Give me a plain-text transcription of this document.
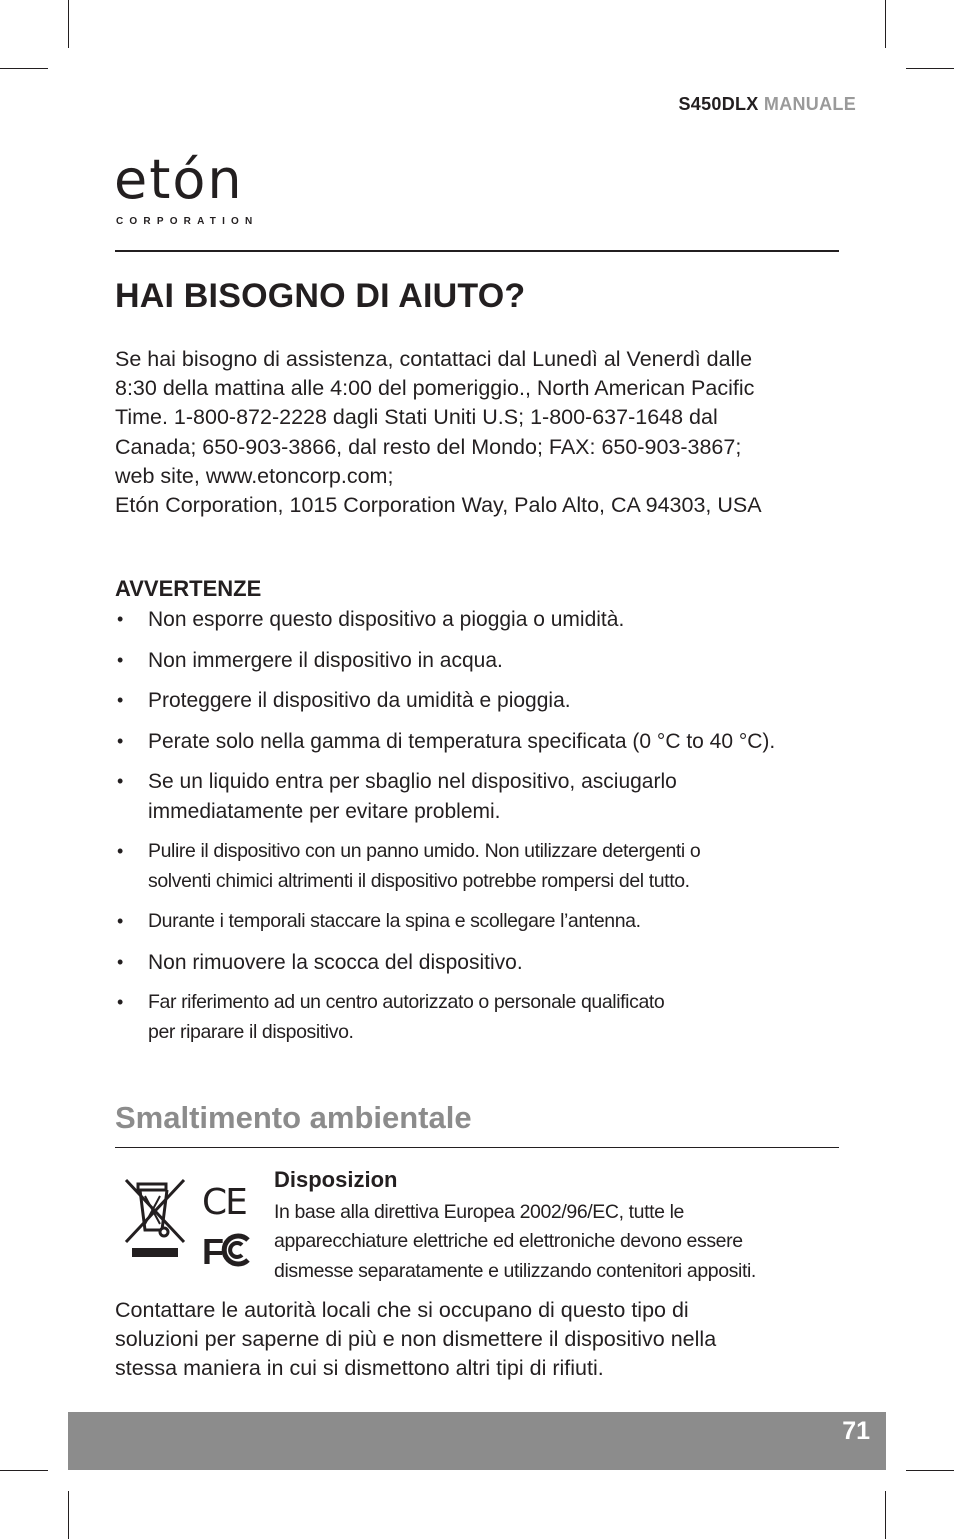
S450DLX MANUALE
etón
CORPORATION
HAI BISOGNO DI AIUTO?

Se hai bisogno di assistenza, contattaci dal Lunedì al Venerdì dalle
8:30 della mattina alle 4:00 del pomeriggio., North American Pacific
Time. 1-800-872-2228 dagli Stati Uniti U.S; 1-800-637-1648 dal
Canada; 650-903-3866, dal resto del Mondo; FAX: 650-903-3867;
web site, www.etoncorp.com;
Etón Corporation, 1015 Corporation Way, Palo Alto, CA 94303, USA

AVVERTENZE
• Non esporre questo dispositivo a pioggia o umidità.
• Non immergere il dispositivo in acqua.
• Proteggere il dispositivo da umidità e pioggia.
• Perate solo nella gamma di temperatura specificata (0 °C to 40 °C).
• Se un liquido entra per sbaglio nel dispositivo, asciugarlo
immediatamente per evitare problemi.
• Pulire il dispositivo con un panno umido. Non utilizzare detergenti o
solventi chimici altrimenti il dispositivo potrebbe rompersi del tutto.
• Durante i temporali staccare la spina e scollegare l’antenna.
• Non rimuovere la scocca del dispositivo.
• Far riferimento ad un centro autorizzato o personale qualificato
per riparare il dispositivo.
Smaltimento ambientale
CE
F
Disposizion

In base alla direttiva Europea 2002/96/EC, tutte le
apparecchiature elettriche ed elettroniche devono essere
dismesse separatamente e utilizzando contenitori appositi.

Contattare le autorità locali che si occupano di questo tipo di
soluzioni per saperne di più e non dismettere il dispositivo nella
stessa maniera in cui si dismettono altri tipi di rifiuti.

71
